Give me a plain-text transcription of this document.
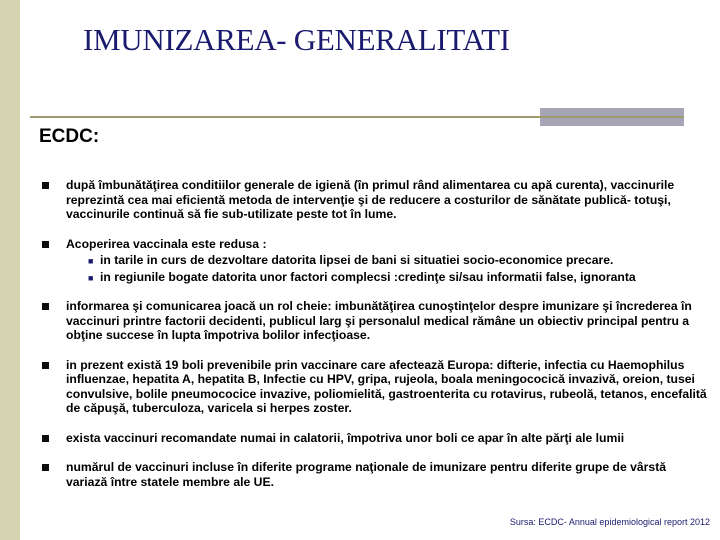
IMUNIZAREA- GENERALITATI
ECDC:
după îmbunătăţirea conditiilor generale de igienă (în primul rând alimentarea cu apă curenta), vaccinurile reprezintă cea mai eficientă metoda de intervenţie şi de reducere a costurilor de sănătate publică- totuşi, vaccinurile continuă să fie sub-utilizate peste tot în lume.
Acoperirea vaccinala este redusa :
■ in tarile in curs de dezvoltare datorita lipsei de bani si situatiei socio-economice precare.
■ in regiunile bogate datorita unor factori complecsi :credinţe si/sau informatii false, ignoranta
informarea şi comunicarea joacă un rol cheie: imbunătăţirea cunoştinţelor despre imunizare şi încrederea în vaccinuri printre factorii decidenti, publicul larg şi personalul medical rămâne un obiectiv principal pentru a obţine succese în lupta împotriva bolilor infecţioase.
in prezent există 19 boli prevenibile prin vaccinare care afectează Europa: difterie, infectia cu Haemophilus influenzae, hepatita A, hepatita B, Infectie cu HPV, gripa, rujeola, boala meningococică invazivă, oreion, tusei convulsive, bolile pneumococice invazive, poliomielită, gastroenterita cu rotavirus, rubeolă, tetanos, encefalită de căpuşă, tuberculoza, varicela si herpes zoster.
exista vaccinuri recomandate numai in calatorii, împotriva unor boli ce apar în alte părţi ale lumii
numărul de vaccinuri incluse în diferite programe naţionale de imunizare pentru diferite grupe de vârstă variază între statele membre ale UE.
Sursa: ECDC- Annual epidemiological report 2012
